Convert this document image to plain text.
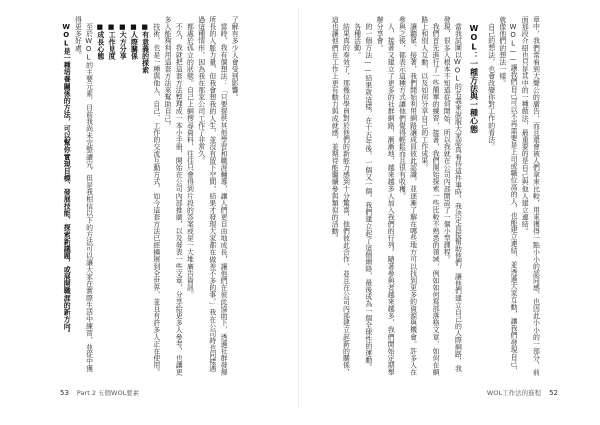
了解有多少人會受到影響。

當時，我有個想法：「只要提供其他學習和職涯輔導，讓人們更自由地成長，讓他們在彼此協助下，透過社群發揮所長的人脈力量，但我會想我的人生，並沒有留下空間，結果才發現大家都在做差不多的事。」我在公司時也同樣遇過這種情形，因為我在那家公司工作了非常久。

都處於孤立的狀態。自己上網搜尋資料，往往只會得到片段的答案或是一大堆廣告資訊。

不久，我就把這套方法整理成一本小手冊，開始在公司內部推廣，以及發表一些文章，分享給更多人參考，也讓更多人能夠利用這套方法來幫助自己。

技術，也是一種與他人、自己、工作的交流互動方式，如今這套方法已經擴展到全世界，並且有許多人正在使用。

■有意義的探索
■人際關係
■大方分享
■工作見度
■成長心態

至於WOL的主要元素，目前我尚未完整讀完，但是我相信以下的方法可以讓大家在實際生活中練習，並從中獲得更多好處。

WOL是一種培養關係的方法，可以幫你實現目標、發展技能、探索新議題，或展開職涯的新方向。	章中，我們常看到大聲公的廣告，而且還會被人們拿來比較，用來獲得一點小小的認同感，也因此小小的一部分，前面那段介紹也只是其中的一種做法，最重要的是自己與他人建立連結。

WOL——讓我們自己可以不再需要是上司或職位高的人，也能建立連結，並透過大家互動，讓我們發現自己，就像他們的想法一樣。

自己的想法，也會改變你對工作的看法。

WOL：一種方法與一種心態

當我試圖以WOL的名義來說服大家認真看待這件事時，我決定直接幫助他們，讓他們建立自己的人際網路，我發現，很多人根本不知道從何開始，所以我就在公司內部開設了一個小型課程。

我們首先進行了一些簡單的練習，接著，我們開始探索一些比較不熟悉的領域，例如如何寫部落格文章、如何在網路上和別人互動，以及如何分享自己的工作成果。

讓聽眾、接著，我們開始利用網路讓成員彼此認識，並逐漸了解在哪些地方可以找到更多的資源與機會。許多人在參與之後，都表示這種方式讓他們覺得輕鬆而且很有收穫。

人，接著又建立了更多的社群網路，漸漸地，越來越多人加入我們的行列。隨著參與者越來越多，我們開始定期舉辦分享會。

的一個方法——結果就這樣，在十五年後，一個又一個，我們建立起了這個網絡，最後成為一個全球性的運動。

各種活動。

結果真的奏效了，那幾位學員對於他們的新能力感到十分驚喜，他們彼此合作，並且在公司內部建立起新的關係，這也讓他們在工作上更有動力與成就感，並期待能繼續參與類似的活動。

53 Part 2 五個WOL要素	WOL工作法的進程 52
